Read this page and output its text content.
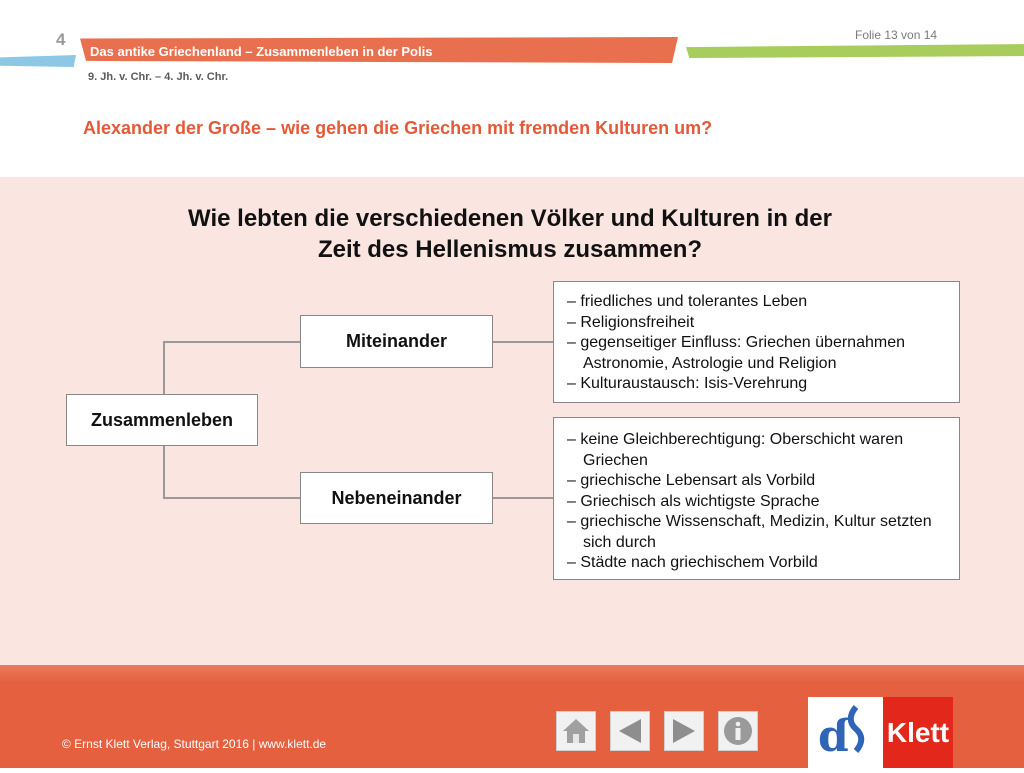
4
Das antike Griechenland – Zusammenleben in der Polis
Folie 13 von 14
9. Jh. v. Chr. – 4. Jh. v. Chr.
Alexander der Große – wie gehen die Griechen mit fremden Kulturen um?
Wie lebten die verschiedenen Völker und Kulturen in der
Zeit des Hellenismus zusammen?
Zusammenleben
Miteinander
Nebeneinander
– friedliches und tolerantes Leben
– Religionsfreiheit
– gegenseitiger Einfluss: Griechen übernahmen
Astronomie, Astrologie und Religion
– Kulturaustausch: Isis-Verehrung
– keine Gleichberechtigung: Oberschicht waren
Griechen
– griechische Lebensart als Vorbild
– Griechisch als wichtigste Sprache
– griechische Wissenschaft, Medizin, Kultur setzten
sich durch
– Städte nach griechischem Vorbild
© Ernst Klett Verlag, Stuttgart 2016 | www.klett.de	ɗ Klett
